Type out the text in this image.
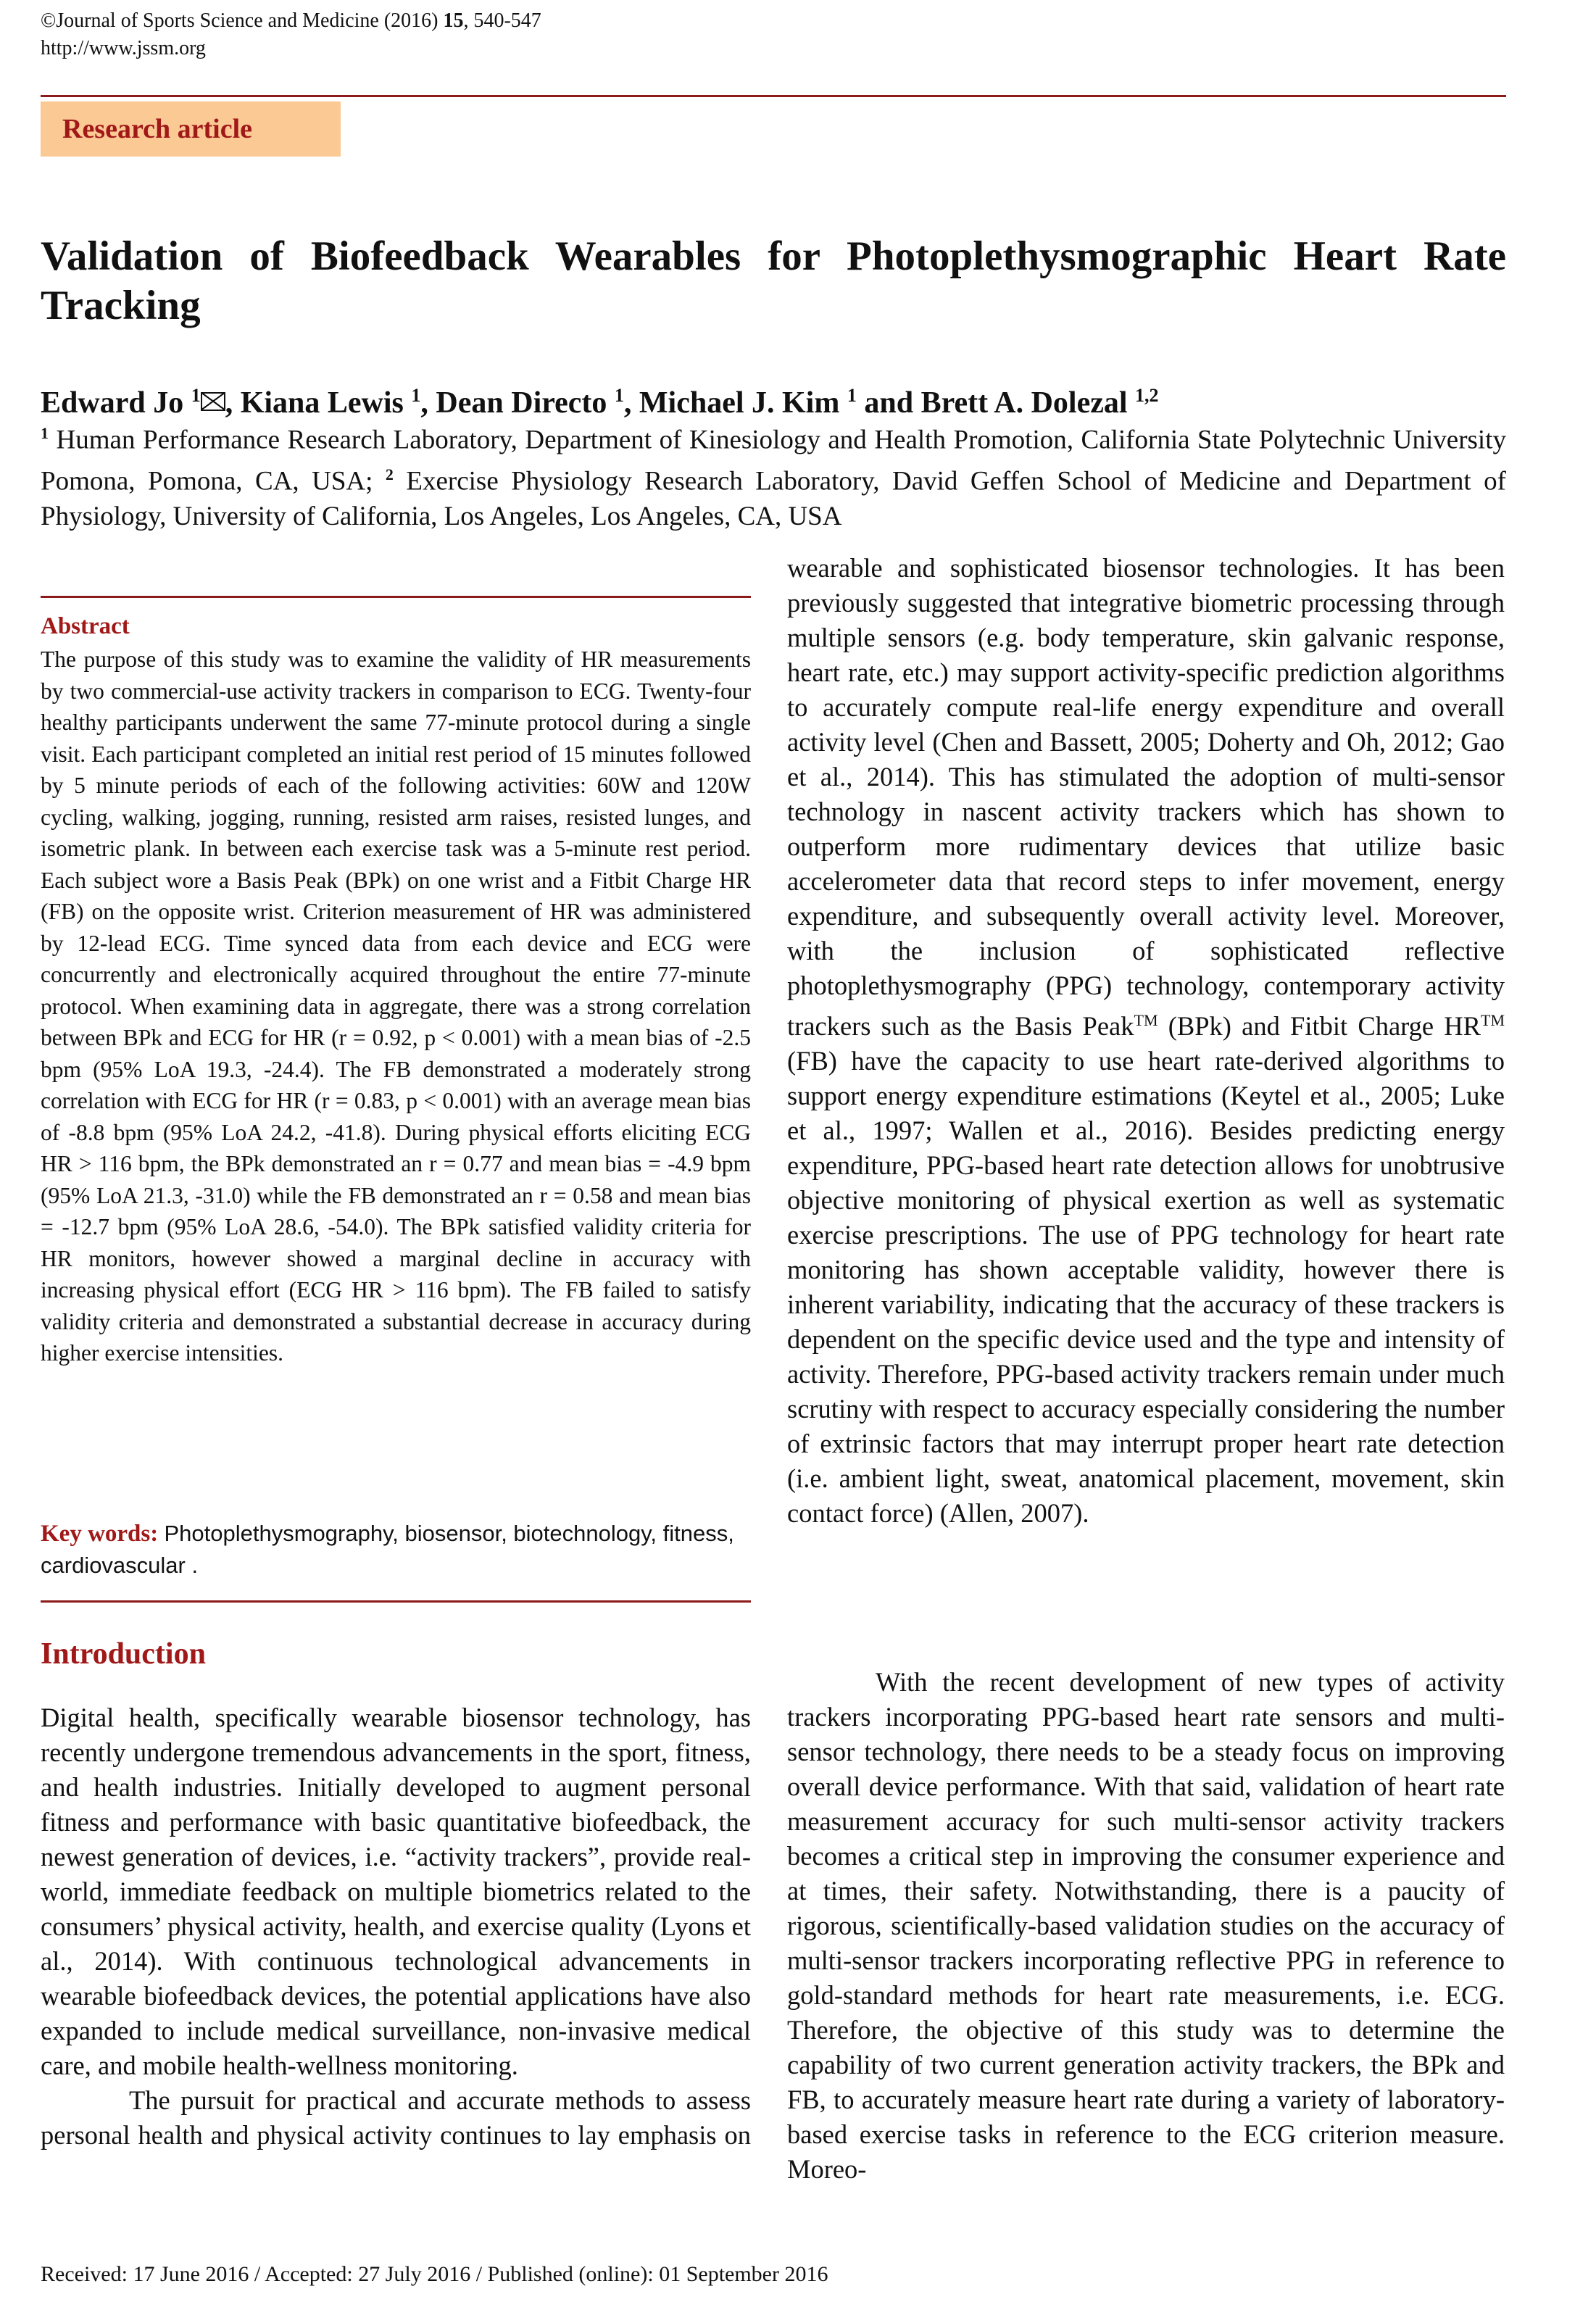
©Journal of Sports Science and Medicine (2016) 15, 540-547
http://www.jssm.org
Research article
Validation of Biofeedback Wearables for Photoplethysmographic Heart Rate Tracking
Edward Jo $^1$ , Kiana Lewis $^1$, Dean Directo $^1$, Michael J. Kim $^1$ and Brett A. Dolezal $^{1,2}$
$^1$ Human Performance Research Laboratory, Department of Kinesiology and Health Promotion, California State Polytechnic University Pomona, Pomona, CA, USA; $^2$ Exercise Physiology Research Laboratory, David Geffen School of Medicine and Department of Physiology, University of California, Los Angeles, Los Angeles, CA, USA
Abstract
The purpose of this study was to examine the validity of HR measurements by two commercial-use activity trackers in comparison to ECG. Twenty-four healthy participants underwent the same 77-minute protocol during a single visit. Each participant completed an initial rest period of 15 minutes followed by 5 minute periods of each of the following activities: 60W and 120W cycling, walking, jogging, running, resisted arm raises, resisted lunges, and isometric plank. In between each exercise task was a 5-minute rest period. Each subject wore a Basis Peak (BPk) on one wrist and a Fitbit Charge HR (FB) on the opposite wrist. Criterion measurement of HR was administered by 12-lead ECG. Time synced data from each device and ECG were concurrently and electronically acquired throughout the entire 77-minute protocol. When examining data in aggregate, there was a strong correlation between BPk and ECG for HR (r = 0.92, p < 0.001) with a mean bias of -2.5 bpm (95% LoA 19.3, -24.4). The FB demonstrated a moderately strong correlation with ECG for HR (r = 0.83, p < 0.001) with an average mean bias of -8.8 bpm (95% LoA 24.2, -41.8). During physical efforts eliciting ECG HR > 116 bpm, the BPk demonstrated an r = 0.77 and mean bias = -4.9 bpm (95% LoA 21.3, -31.0) while the FB demonstrated an r = 0.58 and mean bias = -12.7 bpm (95% LoA 28.6, -54.0). The BPk satisfied validity criteria for HR monitors, however showed a marginal decline in accuracy with increasing physical effort (ECG HR > 116 bpm). The FB failed to satisfy validity criteria and demonstrated a substantial decrease in accuracy during higher exercise intensities.
Key words: Photoplethysmography, biosensor, biotechnology, fitness, cardiovascular .
Introduction

Digital health, specifically wearable biosensor technology, has recently undergone tremendous advancements in the sport, fitness, and health industries. Initially developed to augment personal fitness and performance with basic quantitative biofeedback, the newest generation of devices, i.e. “activity trackers”, provide real-world, immediate feedback on multiple biometrics related to the consumers’ physical activity, health, and exercise quality (Lyons et al., 2014). With continuous technological advancements in wearable biofeedback devices, the potential applications have also expanded to include medical surveillance, non-invasive medical care, and mobile health-wellness monitoring.

The pursuit for practical and accurate methods to assess personal health and physical activity continues to lay emphasis on

wearable and sophisticated biosensor technologies. It has been previously suggested that integrative biometric processing through multiple sensors (e.g. body temperature, skin galvanic response, heart rate, etc.) may support activity-specific prediction algorithms to accurately compute real-life energy expenditure and overall activity level (Chen and Bassett, 2005; Doherty and Oh, 2012; Gao et al., 2014). This has stimulated the adoption of multi-sensor technology in nascent activity trackers which has shown to outperform more rudimentary devices that utilize basic accelerometer data that record steps to infer movement, energy expenditure, and subsequently overall activity level. Moreover, with the inclusion of sophisticated reflective photoplethysmography (PPG) technology, contemporary activity trackers such as the Basis Peak™ (BPk) and Fitbit Charge HR™ (FB) have the capacity to use heart rate-derived algorithms to support energy expenditure estimations (Keytel et al., 2005; Luke et al., 1997; Wallen et al., 2016). Besides predicting energy expenditure, PPG-based heart rate detection allows for unobtrusive objective monitoring of physical exertion as well as systematic exercise prescriptions. The use of PPG technology for heart rate monitoring has shown acceptable validity, however there is inherent variability, indicating that the accuracy of these trackers is dependent on the specific device used and the type and intensity of activity. Therefore, PPG-based activity trackers remain under much scrutiny with respect to accuracy especially considering the number of extrinsic factors that may interrupt proper heart rate detection (i.e. ambient light, sweat, anatomical placement, movement, skin contact force) (Allen, 2007).

With the recent development of new types of activity trackers incorporating PPG-based heart rate sensors and multi-sensor technology, there needs to be a steady focus on improving overall device performance. With that said, validation of heart rate measurement accuracy for such multi-sensor activity trackers becomes a critical step in improving the consumer experience and at times, their safety. Notwithstanding, there is a paucity of rigorous, scientifically-based validation studies on the accuracy of multi-sensor trackers incorporating reflective PPG in reference to gold-standard methods for heart rate measurements, i.e. ECG. Therefore, the objective of this study was to determine the capability of two current generation activity trackers, the BPk and FB, to accurately measure heart rate during a variety of laboratory-based exercise tasks in reference to the ECG criterion measure. Moreo-

Received: 17 June 2016 / Accepted: 27 July 2016 / Published (online): 01 September 2016
